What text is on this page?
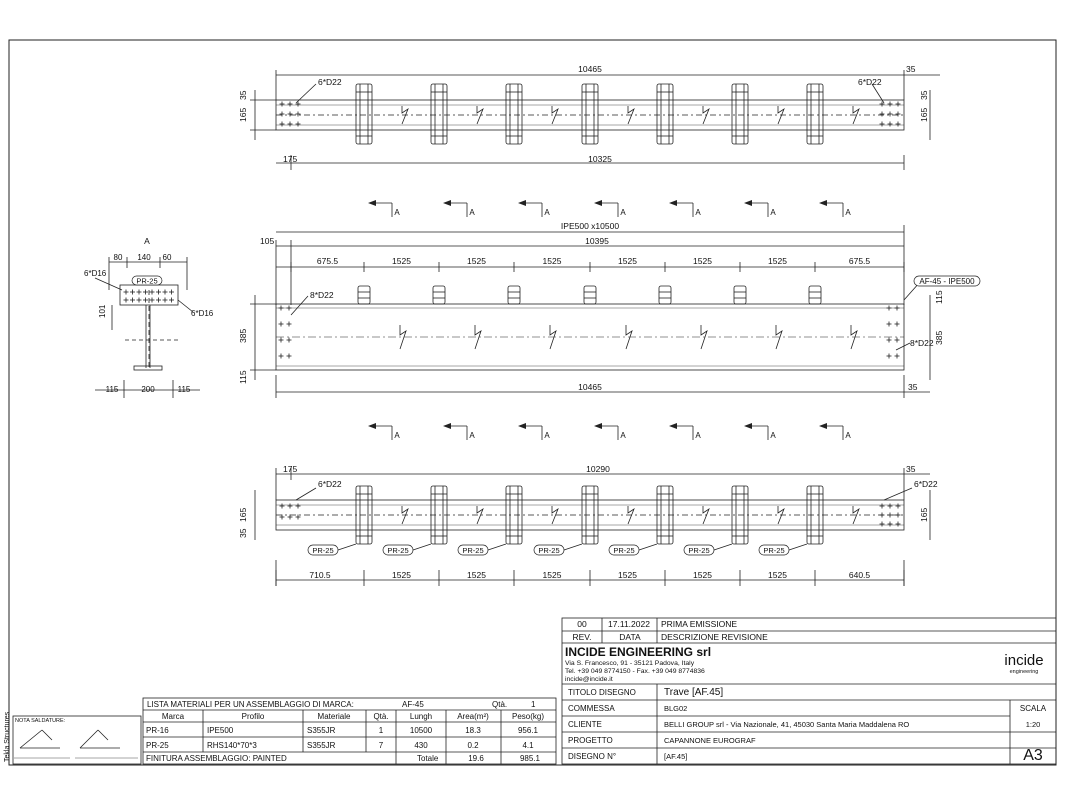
10465
6*D22	6*D22
35
175	10325
35
165
35
165
A	A	A	A	A	A	A
A	A	A	A	A	A	A
A
80 140 60
PR-25
6*D16
6*D16
101
115	200	115
IPE500 x10500
105	10395
675.5	1525	1525	1525	1525	1525	1525	675.5
8*D22
8*D22
AF-45 - IPE500
385	385
115
115
10465	35
175	10290	35
6*D22	6*D22
165
35
165
PR-25	PR-25	PR-25	PR-25	PR-25	PR-25	PR-25
710.5	1525	1525	1525	1525	1525	1525	640.5
LISTA MATERIALI PER UN ASSEMBLAGGIO DI MARCA:	AF-45	Qtà.	1
Marca	Profilo	Materiale	Qtà.	Lungh	Area(m²)	Peso(kg)
PR-16	IPE500	S355JR	1	10500	18.3	956.1
PR-25	RHS140*70*3	S355JR	7	430	0.2	4.1
FINITURA ASSEMBLAGGIO: PAINTED	Totale	19.6	985.1
NOTA SALDATURE:
Tekla Structures
00	17.11.2022 PRIMA EMISSIONE
REV.	DATA DESCRIZIONE REVISIONE
INCIDE ENGINEERING srl
Via S. Francesco, 91 - 35121 Padova, Italy
Tel. +39 049 8774150 - Fax. +39 049 8774836
incide@incide.it
incide
engineering
TITOLO DISEGNO	Trave [AF.45]
COMMESSA	BLG02
CLIENTE	BELLI GROUP srl - Via Nazionale, 41, 45030 Santa Maria Maddalena RO
PROGETTO	CAPANNONE EUROGRAF
DISEGNO N°	[AF.45]
SCALA
1:20
A3
